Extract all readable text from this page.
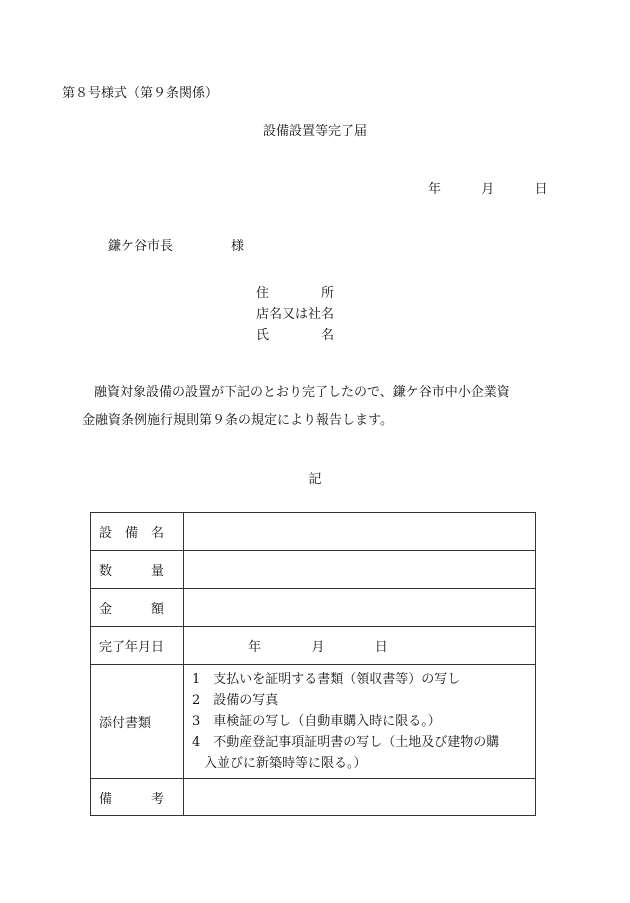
第８号様式（第９条関係）
設備設置等完了届
年	月	日
鎌ケ谷市長	様
住　　　　所
店名又は社名
氏　　　　名
融資対象設備の設置が下記のとおり完了したので、鎌ケ谷市中小企業資
金融資条例施行規則第９条の規定により報告します。
記
設　備　名	
数　　　量	
金　　　額	
完了年月日	年 月 日
添付書類	1　支払いを証明する書類（領収書等）の写し
2　設備の写真
3　車検証の写し（自動車購入時に限る。）
4　不動産登記事項証明書の写し（土地及び建物の購
入並びに新築時等に限る。）

備　　　考	
